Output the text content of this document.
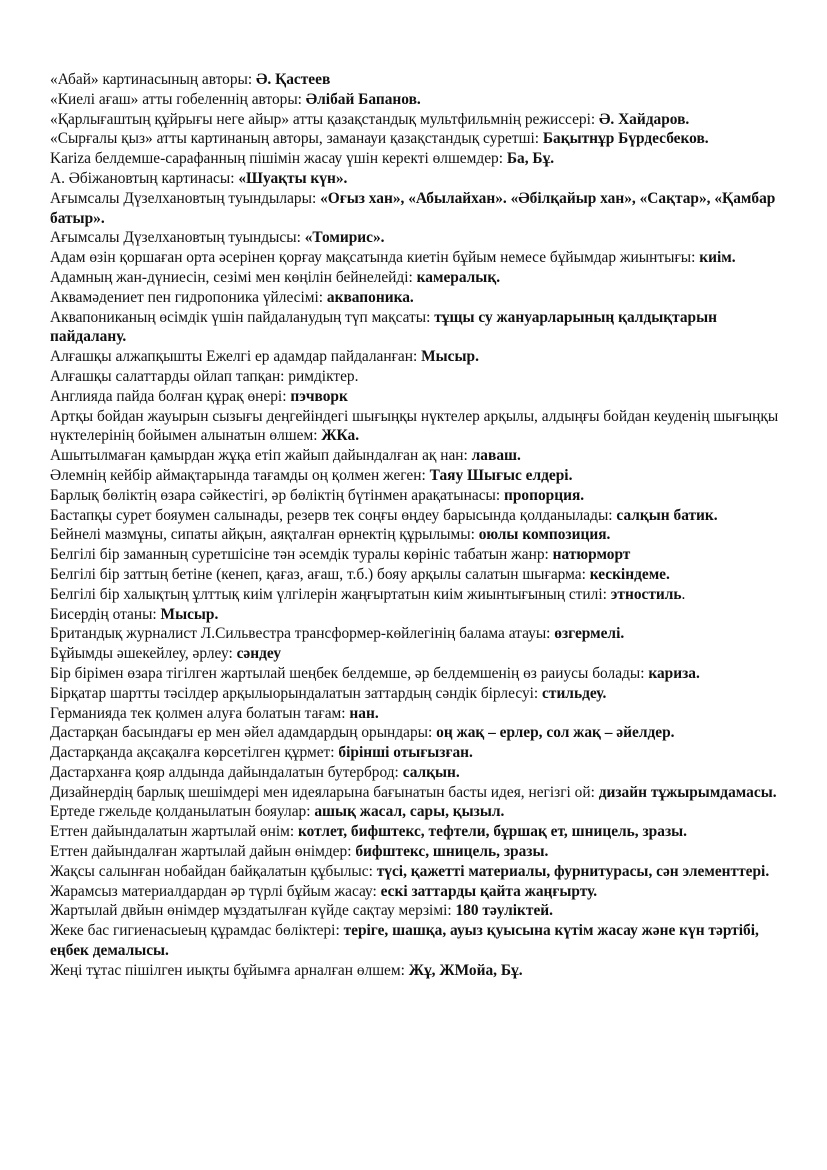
«Абай» картинасының авторы: Ә. Қастеев
«Киелі ағаш» атты гобеленнің авторы: Әлібай Бапанов.
«Қарлығаштың құйрығы неге айыр» атты қазақстандық мультфильмнің режиссері: Ә. Хайдаров.
«Сырғалы қыз» атты картинаның авторы, заманауи қазақстандық суретші: Бақытнұр Бүрдесбеков.
Kariza белдемше-сарафанның пішімін жасау үшін керекті өлшемдер: Ба, Бұ.
А. Әбіжановтың картинасы: «Шуақты күн».
Ағымсалы Дүзелхановтың туындылары: «Оғыз хан», «Абылайхан». «Әбілқайыр хан», «Сақтар», «Қамбар батыр».
Ағымсалы Дүзелхановтың туындысы: «Томирис».
Адам өзін қоршаған орта әсерінен қорғау мақсатында киетін бұйым немесе бұйымдар жиынтығы: киім.
Адамның жан-дүниесін, сезімі мен көңілін бейнелейді: камералық.
Аквамәдениет пен гидропоника үйлесімі: аквапоника.
Аквапониканың өсімдік үшін пайдаланудың түп мақсаты: тұщы су жануарларының қалдықтарын пайдалану.
Алғашқы алжапқышты Ежелгі ер адамдар пайдаланған: Мысыр.
Алғашқы салаттарды ойлап тапқан: римдіктер.
Англияда пайда болған құрақ өнері: пэчворк
Артқы бойдан жауырын сызығы деңгейіндегі шығыңқы нүктелер арқылы, алдыңғы бойдан кеуденің шығыңқы нүктелерінің бойымен алынатын өлшем: ЖКа.
Ашытылмаған қамырдан жұқа етіп жайып дайындалған ақ нан: лаваш.
Әлемнің кейбір аймақтарында тағамды оң қолмен жеген: Таяу Шығыс елдері.
Барлық бөліктің өзара сәйкестігі, әр бөліктің бүтінмен арақатынасы: пропорция.
Бастапқы сурет бояумен салынады, резерв тек соңғы өңдеу барысында қолданылады: салқын батик.
Бейнелі мазмұны, сипаты айқын, аяқталған өрнектің құрылымы: оюлы композиция.
Белгілі бір заманның суретшісіне тән әсемдік туралы көрініс табатын жанр: натюрморт
Белгілі бір заттың бетіне (кенеп, қағаз, ағаш, т.б.) бояу арқылы салатын шығарма: кескіндеме.
Белгілі бір халықтың ұлттық киім үлгілерін жаңғыртатын киім жиынтығының стилі: этностиль.
Бисердің отаны: Мысыр.
Британдық журналист Л.Сильвестра трансформер-көйлегінің балама атауы: өзгермелі.
Бұйымды әшекейлеу, әрлеу: сәндеу
Бір бірімен өзара тігілген жартылай шеңбек белдемше, әр белдемшенің өз раиусы болады: кариза.
Бірқатар шартты тәсілдер арқылыорындалатын заттардың сәндік бірлесуі: стильдеу.
Германияда тек қолмен алуға болатын тағам: нан.
Дастарқан басындағы ер мен әйел адамдардың орындары: оң жақ – ерлер, сол жақ – әйелдер.
Дастарқанда ақсақалға көрсетілген құрмет: бірінші отығызған.
Дастарханға қояр алдында дайындалатын бутерброд: салқын.
Дизайнердің барлық шешімдері мен идеяларына бағынатын басты идея, негізгі ой: дизайн тұжырымдамасы.
Ертеде гжельде қолданылатын бояулар: ашық жасал, сары, қызыл.
Еттен дайындалатын жартылай өнім: котлет, бифштекс, тефтели, бұршақ ет, шницель, зразы.
Еттен дайындалған жартылай дайын өнімдер: бифштекс, шницель, зразы.
Жақсы салынған нобайдан байқалатын құбылыс: түсі, қажетті материалы, фурнитурасы, сән элементтері.
Жарамсыз материалдардан әр түрлі бұйым жасау: ескі заттарды қайта жаңғырту.
Жартылай двйын өнімдер мұздатылған күйде сақтау мерзімі: 180 тәуліктей.
Жеке бас гигиенасыеың құрамдас бөліктері: теріге, шашқа, ауыз қуысына күтім жасау және күн тәртібі, еңбек демалысы.
Жеңі тұтас пішілген иықты бұйымға арналған өлшем: Жұ, ЖМойа, Бұ.
